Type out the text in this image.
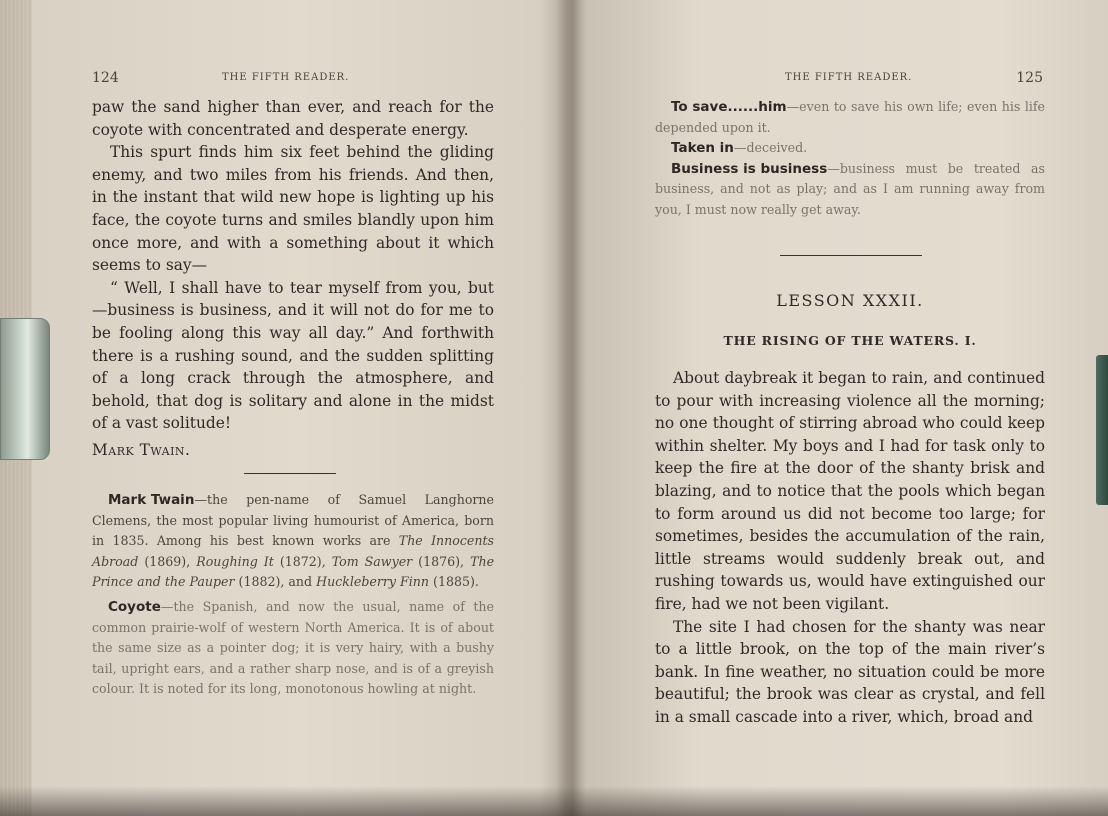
124	THE FIFTH READER.

paw the sand higher than ever, and reach for the coyote with concentrated and desperate energy.

This spurt finds him six feet behind the gliding enemy, and two miles from his friends. And then, in the instant that wild new hope is lighting up his face, the coyote turns and smiles blandly upon him once more, and with a something about it which seems to say—

“ Well, I shall have to tear myself from you, but—business is business, and it will not do for me to be fooling along this way all day.” And forthwith there is a rushing sound, and the sudden splitting of a long crack through the atmosphere, and behold, that dog is solitary and alone in the midst of a vast solitude!

Mark Twain.

Mark Twain—the pen-name of Samuel Langhorne Clemens, the most popular living humourist of America, born in 1835. Among his best known works are The Innocents Abroad (1869), Roughing It (1872), Tom Sawyer (1876), The Prince and the Pauper (1882), and Huckleberry Finn (1885).

Coyote—the Spanish, and now the usual, name of the common prairie-wolf of western North America. It is of about the same size as a pointer dog; it is very hairy, with a bushy tail, upright ears, and a rather sharp nose, and is of a greyish colour. It is noted for its long, monotonous howling at night.

THE FIFTH READER.	125

To save......him—even to save his own life; even his life depended upon it.

Taken in—deceived.

Business is business—business must be treated as business, and not as play; and as I am running away from you, I must now really get away.

LESSON XXXII.
THE RISING OF THE WATERS. I.

About daybreak it began to rain, and continued to pour with increasing violence all the morning; no one thought of stirring abroad who could keep within shelter. My boys and I had for task only to keep the fire at the door of the shanty brisk and blazing, and to notice that the pools which began to form around us did not become too large; for sometimes, besides the accumulation of the rain, little streams would suddenly break out, and rushing towards us, would have extinguished our fire, had we not been vigilant.

The site I had chosen for the shanty was near to a little brook, on the top of the main river’s bank. In fine weather, no situation could be more beautiful; the brook was clear as crystal, and fell in a small cascade into a river, which, broad and
